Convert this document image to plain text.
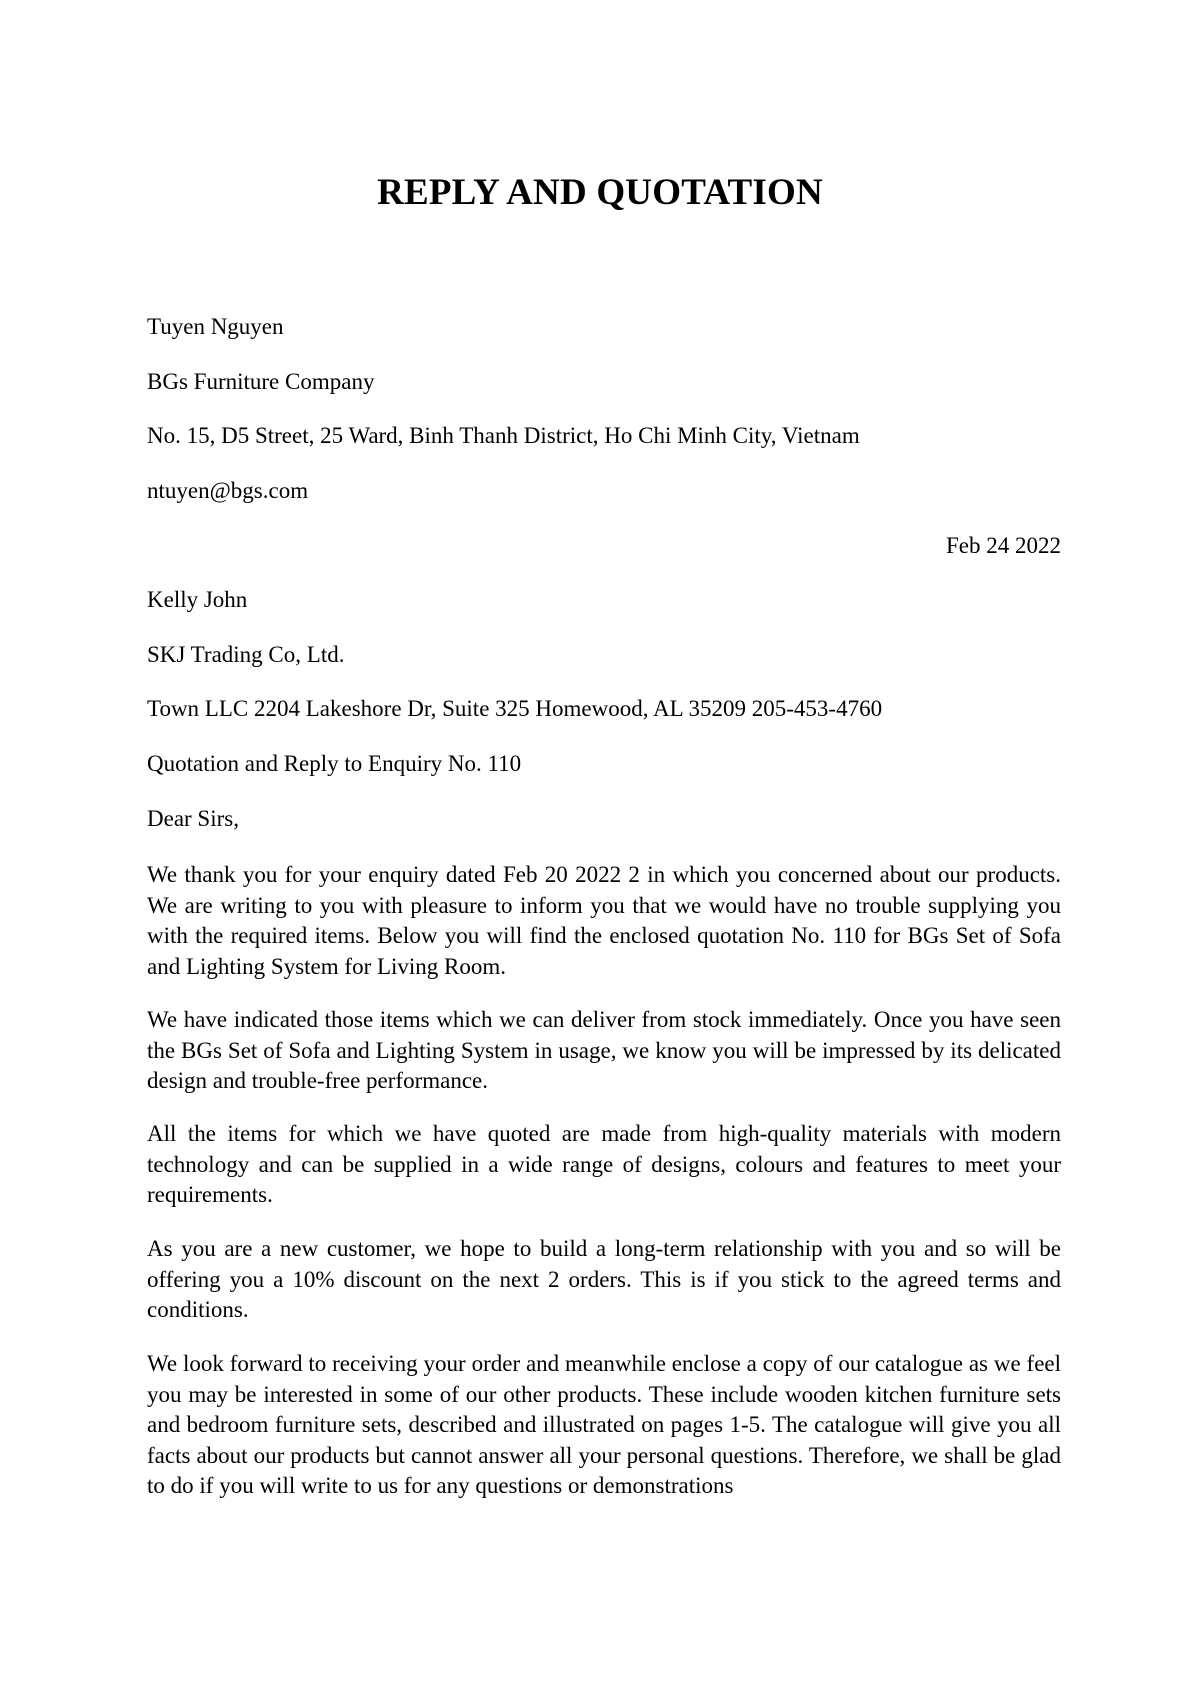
REPLY AND QUOTATION
Tuyen Nguyen
BGs Furniture Company
No. 15, D5 Street, 25 Ward, Binh Thanh District, Ho Chi Minh City, Vietnam
ntuyen@bgs.com
Feb 24 2022
Kelly John
SKJ Trading Co, Ltd.
Town LLC 2204 Lakeshore Dr, Suite 325 Homewood, AL 35209 205-453-4760
Quotation and Reply to Enquiry No. 110
Dear Sirs,
We thank you for your enquiry dated Feb 20 2022 2 in which you concerned about our products. We are writing to you with pleasure to inform you that we would have no trouble supplying you with the required items. Below you will find the enclosed quotation No. 110 for BGs Set of Sofa and Lighting System for Living Room.
We have indicated those items which we can deliver from stock immediately. Once you have seen the BGs Set of Sofa and Lighting System in usage, we know you will be impressed by its delicated design and trouble-free performance.
All the items for which we have quoted are made from high-quality materials with modern technology and can be supplied in a wide range of designs, colours and features to meet your requirements.
As you are a new customer, we hope to build a long-term relationship with you and so will be offering you a 10% discount on the next 2 orders. This is if you stick to the agreed terms and conditions.
We look forward to receiving your order and meanwhile enclose a copy of our catalogue as we feel you may be interested in some of our other products. These include wooden kitchen furniture sets and bedroom furniture sets, described and illustrated on pages 1-5. The catalogue will give you all facts about our products but cannot answer all your personal questions. Therefore, we shall be glad to do if you will write to us for any questions or demonstrations
